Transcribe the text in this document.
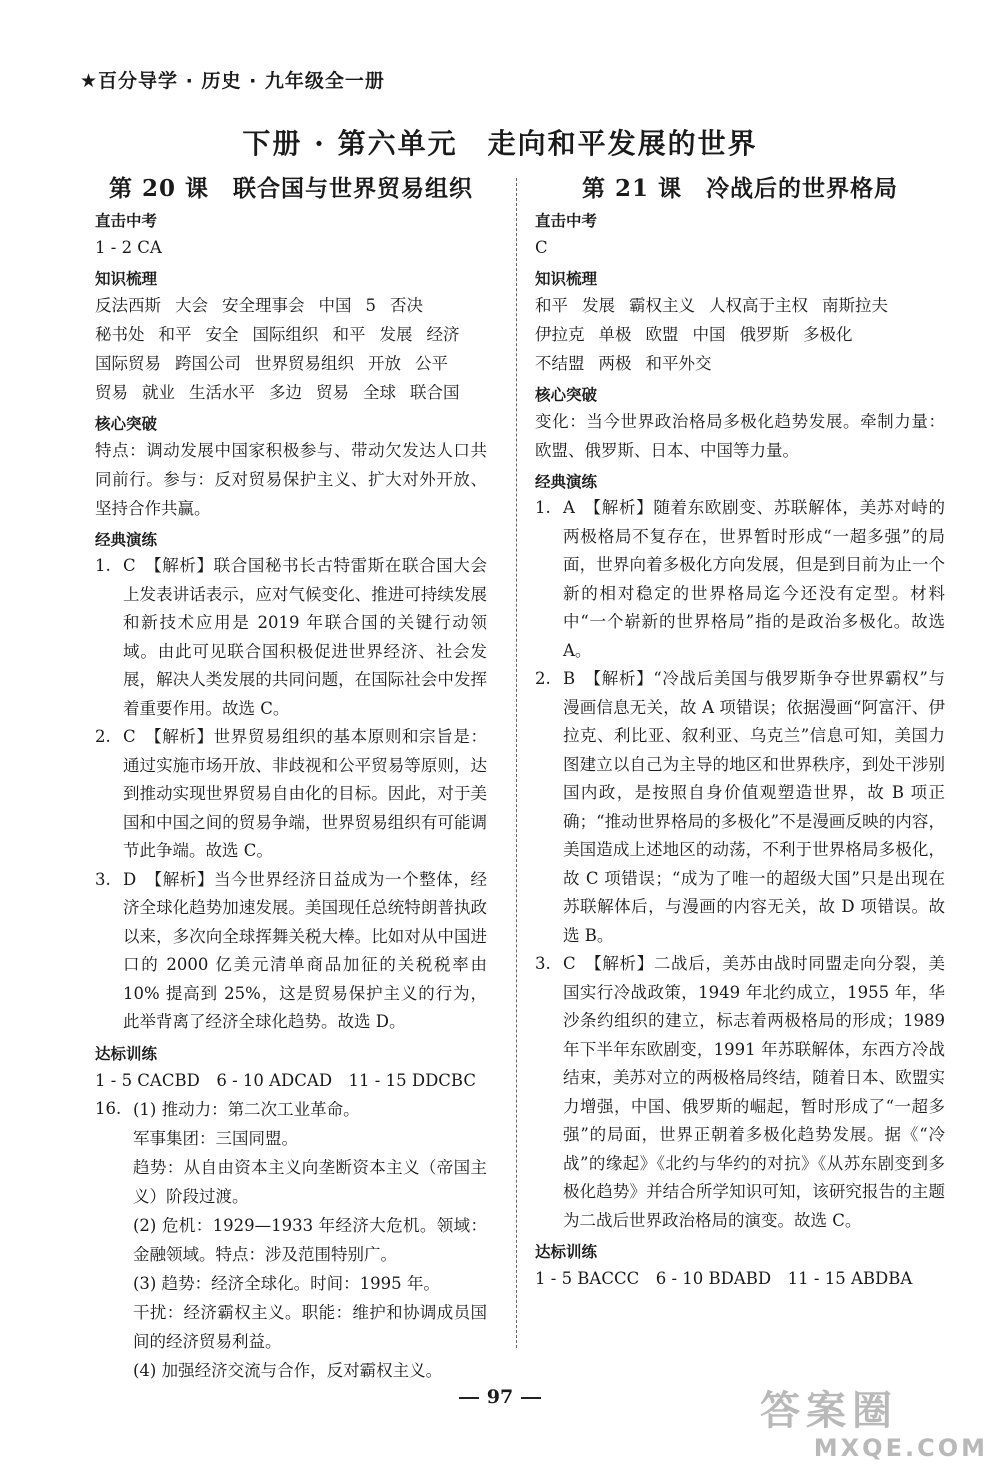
★百分导学 · 历史 · 九年级全一册
下册 · 第六单元　走向和平发展的世界
第 20 课　联合国与世界贸易组织
直击中考
1 - 2 CA
知识梳理
反法西斯 大会 安全理事会 中国 5 否决
秘书处 和平 安全 国际组织 和平 发展 经济
国际贸易 跨国公司 世界贸易组织 开放 公平
贸易 就业 生活水平 多边 贸易 全球 联合国
核心突破
特点：调动发展中国家积极参与、带动欠发达人口共同前行。参与：反对贸易保护主义、扩大对外开放、坚持合作共赢。
经典演练
1. C　【解析】联合国秘书长古特雷斯在联合国大会上发表讲话表示，应对气候变化、推进可持续发展和新技术应用是 2019 年联合国的关键行动领域。由此可见联合国积极促进世界经济、社会发展，解决人类发展的共同问题，在国际社会中发挥着重要作用。故选 C。
2. C　【解析】世界贸易组织的基本原则和宗旨是：通过实施市场开放、非歧视和公平贸易等原则，达到推动实现世界贸易自由化的目标。因此，对于美国和中国之间的贸易争端，世界贸易组织有可能调节此争端。故选 C。
3. D　【解析】当今世界经济日益成为一个整体，经济全球化趋势加速发展。美国现任总统特朗普执政以来，多次向全球挥舞关税大棒。比如对从中国进口的 2000 亿美元清单商品加征的关税税率由 10% 提高到 25%，这是贸易保护主义的行为，此举背离了经济全球化趋势。故选 D。
达标训练
1 - 5 CACBD　6 - 10 ADCAD　11 - 15 DDCBC
16. (1) 推动力：第二次工业革命。
军事集团：三国同盟。
趋势：从自由资本主义向垄断资本主义（帝国主义）阶段过渡。
(2) 危机：1929—1933 年经济大危机。领域：金融领域。特点：涉及范围特别广。
(3) 趋势：经济全球化。时间：1995 年。
干扰：经济霸权主义。职能：维护和协调成员国间的经济贸易利益。
(4) 加强经济交流与合作，反对霸权主义。
第 21 课　冷战后的世界格局
直击中考
C
知识梳理
和平 发展 霸权主义 人权高于主权 南斯拉夫
伊拉克 单极 欧盟 中国 俄罗斯 多极化
不结盟 两极 和平外交
核心突破
变化：当今世界政治格局多极化趋势发展。牵制力量：欧盟、俄罗斯、日本、中国等力量。
经典演练
1. A　【解析】随着东欧剧变、苏联解体，美苏对峙的两极格局不复存在，世界暂时形成“一超多强”的局面，世界向着多极化方向发展，但是到目前为止一个新的相对稳定的世界格局迄今还没有定型。材料中“一个崭新的世界格局”指的是政治多极化。故选 A。
2. B　【解析】“冷战后美国与俄罗斯争夺世界霸权”与漫画信息无关，故 A 项错误；依据漫画“阿富汗、伊拉克、利比亚、叙利亚、乌克兰”信息可知，美国力图建立以自己为主导的地区和世界秩序，到处干涉别国内政，是按照自身价值观塑造世界，故 B 项正确；“推动世界格局的多极化”不是漫画反映的内容，美国造成上述地区的动荡，不利于世界格局多极化，故 C 项错误；“成为了唯一的超级大国”只是出现在苏联解体后，与漫画的内容无关，故 D 项错误。故选 B。
3. C　【解析】二战后，美苏由战时同盟走向分裂，美国实行冷战政策，1949 年北约成立，1955 年，华沙条约组织的建立，标志着两极格局的形成；1989 年下半年东欧剧变，1991 年苏联解体，东西方冷战结束，美苏对立的两极格局终结，随着日本、欧盟实力增强，中国、俄罗斯的崛起，暂时形成了“一超多强”的局面，世界正朝着多极化趋势发展。据《“冷战”的缘起》《北约与华约的对抗》《从苏东剧变到多极化趋势》并结合所学知识可知，该研究报告的主题为二战后世界政治格局的演变。故选 C。
达标训练
1 - 5 BACCC　6 - 10 BDABD　11 - 15 ABDBA
97	答案圈
MXQE.COM
